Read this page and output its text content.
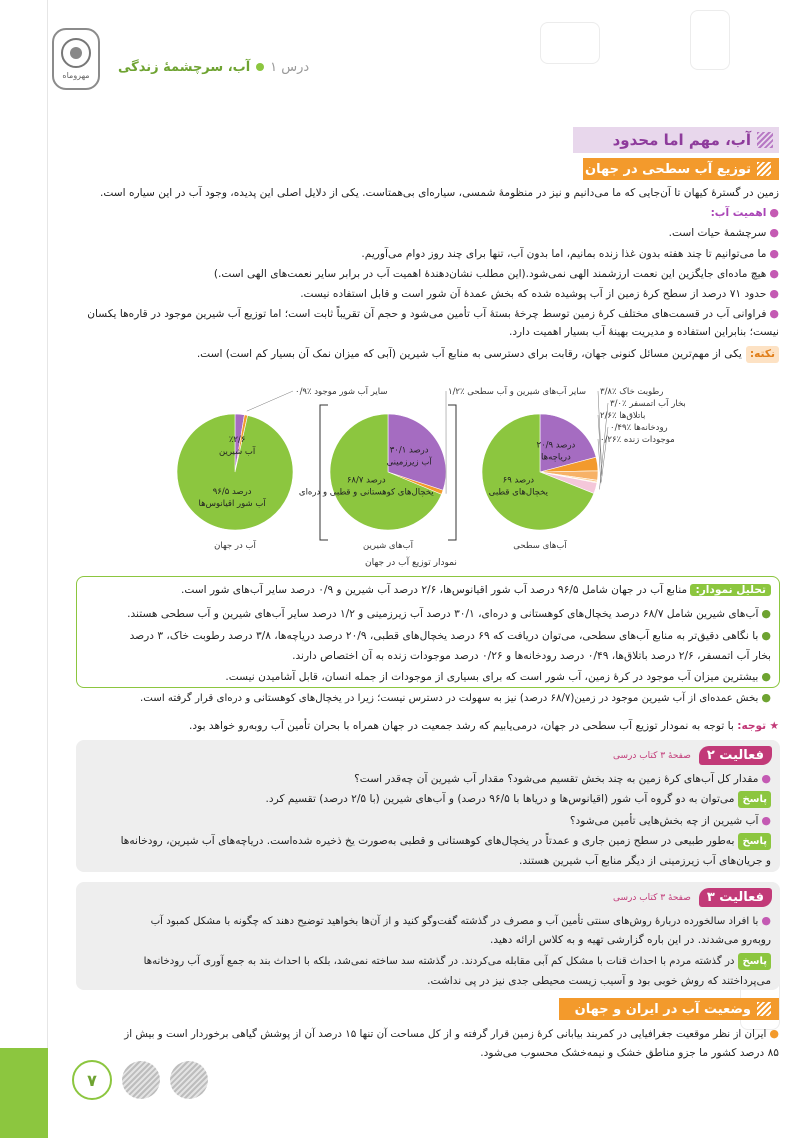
مهروماه
درس ۱
آب، سرچشمهٔ زندگی
آب، مهم اما محدود
توزیع آب سطحی در جهان
زمین در گسترهٔ کیهان تا آن‌جایی که ما می‌دانیم و نیز در منظومهٔ شمسی، سیاره‌ای بی‌همتاست. یکی از دلایل اصلی این پدیده، وجود آب در این سیاره است.
●اهمیت آب:
●سرچشمهٔ حیات است.
●ما می‌توانیم تا چند هفته بدون غذا زنده بمانیم، اما بدون آب، تنها برای چند روز دوام می‌آوریم.
●هیچ ماده‌ای جایگزین این نعمت ارزشمند الهی نمی‌شود.(این مطلب نشان‌دهندهٔ اهمیت آب در برابر سایر نعمت‌های الهی است.)
●حدود ۷۱ درصد از سطح کرهٔ زمین از آب پوشیده شده که بخش عمدهٔ آن شور است و قابل استفاده نیست.
●فراوانی آب در قسمت‌های مختلف کرهٔ زمین توسط چرخهٔ بستهٔ آب تأمین می‌شود و حجم آن تقریباً ثابت است؛ اما توزیع آب شیرین موجود در قاره‌ها یکسان
نیست؛ بنابراین استفاده و مدیریت بهینهٔ آب بسیار اهمیت دارد.
نکته:یکی از مهم‌ترین مسائل کنونی جهان، رقابت برای دسترسی به منابع آب شیرین (آبی که میزان نمک آن بسیار کم است) است.
۹۶/۵ درصد
آب شور اقیانوس‌ها
٪۲/۶
آب شیرین
سایر آب شور موجود ٪۰/۹
آب در جهان
۶۸/۷ درصد
یخچال‌های کوهستانی و قطبی و دره‌ای
۳۰/۱ درصد
آب زیرزمینی
سایر آب‌های شیرین و آب سطحی ٪۱/۲
آب‌های شیرین
۶۹ درصد
یخچال‌های قطبی
۲۰/۹ درصد
دریاچه‌ها
رطوبت خاک ٪۳/۸
بخار آب اتمسفر ٪۳/۰
باتلاق‌ها ٪۲/۶
رودخانه‌ها ٪۰/۴۹
موجودات زنده ٪۰/۲۶
آب‌های سطحی
نمودار توزیع آب در جهان
تحلیل نمودار: منابع آب در جهان شامل ۹۶/۵ درصد آب شور اقیانوس‌ها، ۲/۶ درصد آب شیرین و ۰/۹ درصد سایر آب‌های شور است.
●آب‌های شیرین شامل ۶۸/۷ درصد یخچال‌های کوهستانی و دره‌ای، ۳۰/۱ درصد آب زیرزمینی و ۱/۲ درصد سایر آب‌های شیرین و آب سطحی هستند.
●با نگاهی دقیق‌تر به منابع آب‌های سطحی، می‌توان دریافت که ۶۹ درصد یخچال‌های قطبی، ۲۰/۹ درصد دریاچه‌ها، ۳/۸ درصد رطوبت خاک، ۳ درصد
بخار آب اتمسفر، ۲/۶ درصد باتلاق‌ها، ۰/۴۹ درصد رودخانه‌ها و ۰/۲۶ درصد موجودات زنده به آن اختصاص دارند.
●بیشترین میزان آب موجود در کرهٔ زمین، آب شور است که برای بسیاری از موجودات از جمله انسان، قابل آشامیدن نیست.
●بخش عمده‌ای از آب شیرین موجود در زمین(۶۸/۷ درصد) نیز به سهولت در دسترس نیست؛ زیرا در یخچال‌های کوهستانی و دره‌ای قرار گرفته است.
★ توجه: با توجه به نمودار توزیع آب سطحی در جهان، درمی‌یابیم که رشد جمعیت در جهان همراه با بحران تأمین آب روبه‌رو خواهد بود.
فعالیت ۲
صفحهٔ ۳ کتاب درسی
●مقدار کل آب‌های کرهٔ زمین به چند بخش تقسیم می‌شود؟ مقدار آب شیرین آن چه‌قدر است؟
پاسخمی‌توان به دو گروه آب شور (اقیانوس‌ها و دریاها با ۹۶/۵ درصد) و آب‌های شیرین (با ۲/۵ درصد) تقسیم کرد.
●آب شیرین از چه بخش‌هایی تأمین می‌شود؟
پاسخبه‌طور طبیعی در سطح زمین جاری و عمدتاً در یخچال‌های کوهستانی و قطبی به‌صورت یخ ذخیره شده‌است. دریاچه‌های آب شیرین، رودخانه‌ها
و جریان‌های آب زیرزمینی از دیگر منابع آب شیرین هستند.
فعالیت ۳
صفحهٔ ۳ کتاب درسی
●با افراد سالخورده دربارهٔ روش‌های سنتی تأمین آب و مصرف در گذشته گفت‌وگو کنید و از آن‌ها بخواهید توضیح دهند که چگونه با مشکل کمبود آب
روبه‌رو می‌شدند. در این باره گزارشی تهیه و به کلاس ارائه دهید.
پاسخدر گذشته مردم با احداث قنات با مشکل کم آبی مقابله می‌کردند. در گذشته سد ساخته نمی‌شد، بلکه با احداث بند به جمع آوری آب رودخانه‌ها
می‌پرداختند که روش خوبی بود و آسیب زیست محیطی جدی نیز در پی نداشت.
وضعیت آب در ایران و جهان
●ایران از نظر موقعیت جغرافیایی در کمربند بیابانی کرهٔ زمین قرار گرفته و از کل مساحت آن تنها ۱۵ درصد آن از پوشش گیاهی برخوردار است و بیش از
۸۵ درصد کشور ما جزو مناطق خشک و نیمه‌خشک محسوب می‌شود.
۷
